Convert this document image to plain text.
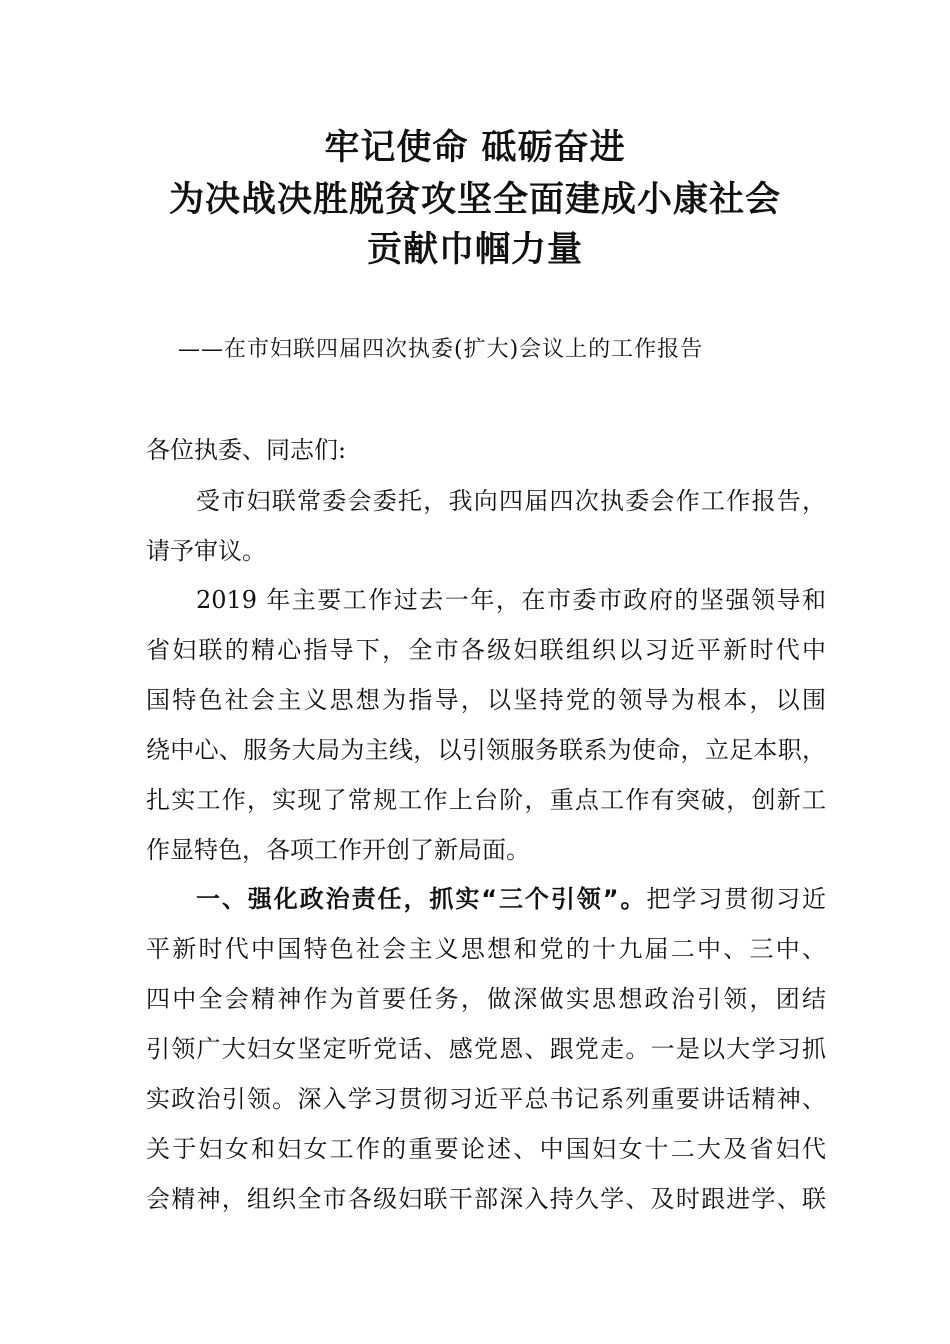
牢记使命 砥砺奋进
为决战决胜脱贫攻坚全面建成小康社会
贡献巾帼力量
——在市妇联四届四次执委(扩大)会议上的工作报告
各位执委、同志们:
受市妇联常委会委托，我向四届四次执委会作工作报告，
请予审议。
2019 年主要工作过去一年，在市委市政府的坚强领导和
省妇联的精心指导下，全市各级妇联组织以习近平新时代中
国特色社会主义思想为指导，以坚持党的领导为根本，以围
绕中心、服务大局为主线，以引领服务联系为使命，立足本职，
扎实工作，实现了常规工作上台阶，重点工作有突破，创新工
作显特色，各项工作开创了新局面。
一、强化政治责任，抓实“三个引领”。把学习贯彻习近
平新时代中国特色社会主义思想和党的十九届二中、三中、
四中全会精神作为首要任务，做深做实思想政治引领，团结
引领广大妇女坚定听党话、感党恩、跟党走。一是以大学习抓
实政治引领。深入学习贯彻习近平总书记系列重要讲话精神、
关于妇女和妇女工作的重要论述、中国妇女十二大及省妇代
会精神，组织全市各级妇联干部深入持久学、及时跟进学、联
